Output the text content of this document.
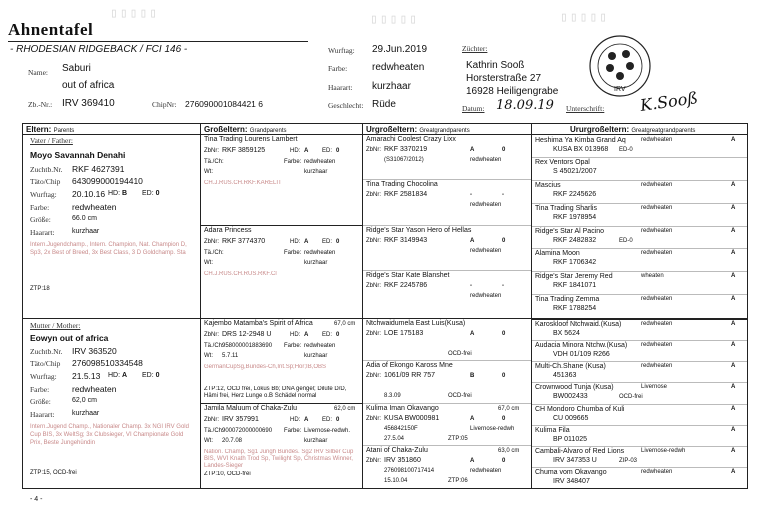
▯▯▯▯▯	▯▯▯▯▯	▯▯▯▯▯
Ahnentafel
- RHODESIAN RIDGEBACK / FCI 146 -
Name: Saburi
out of africa
Zb.-Nr.: IRV 369410	ChipNr: 276090001084421 6
Wurftag: 29.Jun.2019
Farbe: redwheaten
Haarart: kurzhaar
Geschlecht: Rüde
Züchter:
Kathrin Sooß
Horsterstraße 27
16928 Heiligengrabe
Datum: 18.09.19 Unterschrift: K.Sooß
IRV
Eltern: Parents	Großeltern: Grandparents	Urgroßeltern: Greatgrandparents	Ururgroßeltern: Greatgreatgrandparents
Vater / Father:
Moyo Savannah Denahi
Zuchtb.Nr. RKF 4627391
Täto/Chip 643099000194410
Wurftag: 20.10.16 HD: B ED: 0
Farbe:	redwheaten
Größe:	66.0 cm
Haarart: kurzhaar
Intern.Jugendchamp., Intern. Champion, Nat. Champion D, Sp3, 2x Best of Breed, 3x Best Class, 3 D Goldchamp. Sta
ZTP:18
Mutter / Mother:
Eowyn out of africa
Zuchtb.Nr. IRV 363520
Täto/Chip 276098510334548
Wurftag: 21.5.13 HD: A ED: 0
Farbe:	redwheaten
Größe:	62,0 cm
Haarart: kurzhaar
Intern.Jugend Champ., Nationaler Champ. 3x NGI IRV Gold Cup BIS, 3x WeltSg; 3x Clubsieger, VI Championate Gold Prix, Beste Jungehündin
ZTP:15, OCD-frei
Tina Trading Lourens Lambert
ZbNr: RKF 3859125	HD: A ED: 0
Tä./Ch:	Farbe: redwheaten
Wt:	kurzhaar
CH.J.RUS.CH.RKF.KARELIT
Adara Princess
ZbNr: RKF 3774370	HD: A ED: 0
Tä./Ch:	Farbe: redwheaten
Wt:	kurzhaar
CH.J.RUS.CH.RUS.RKF.Cl
Kajembo Matamba's Spirit of Africa	67,0 cm
ZbNr: DRS 12-2948 U	HD: A ED: 0
Tä./Ch:
958000001883690 Farbe: redwheaten
Wt: 5.7.11	kurzhaar
GermanCupSg,Bundes-Ch,Int.Sp;Hor;IB,OBS
ZTP:12, OCD frei, Lokus Bb; DNA gengel; Dilute D/D, Hämi frei, Herz Lunge o.B Schädel normal
Jamila Maluum of Chaka-Zulu	62,0 cm
ZbNr: IRV 357991	HD: A ED: 0
Tä./Ch:
900072000000690 Farbe: Livernose-redwh.
Wt: 20.7.08	kurzhaar
Nation. Champ, Sg1 Jungh Bundes. Sg2 IRV Silber Cup BIS, WVI Knath Trod Sp, Twilight Sp, Christmas Winner, Landes-Sieger
ZTP:10, OCD-frei
Amarachi Coolest Crazy Lixx
ZbNr: RKF 3370219	A	0
(S31067/2012)	redwheaten
Tina Trading Chocolina
ZbNr: RKF 2581834	-	-
redwheaten
Ridge's Star Yason Hero of Hellas
ZbNr: RKF 3149943	A	0
redwheaten
Ridge's Star Kate Blanshet
ZbNr: RKF 2245786	-	-
redwheaten
Ntchwaidumela East Luis(Kusa)
ZbNr: LOE 175183	A	0
OCD-frei
Adia of Ekongo Kaross Mne
ZbNr: 1061/09 RR 757	B	0
8.3.09	OCD-frei
Kulima Iman Okavango	67,0 cm
ZbNr: KUSA BW000981	A	0
456842150F	Livernose-redwh
27.5.04	ZTP:05
Atani of Chaka-Zulu	63,0 cm
ZbNr: IRV 351860	A	0
276098100717414	redwheaten
15.10.04	ZTP:06
Heshima Ya Kimba Grand Aq	redwheaten	A
KUSA BX 013968 ED-0
Rex Ventors Opal
S 45021/2007
Mascius	redwheaten	A
RKF 2245626
Tina Trading Sharlis	redwheaten	A
RKF 1978954
Ridge's Star Al Pacino	redwheaten	A
RKF 2482832	ED-0
Alamina Moon	redwheaten	A
RKF 1706342
Ridge's Star Jeremy Red	wheaten	A
RKF 1841071
Tina Trading Zemma	redwheaten	A
RKF 1788254
Karoskloof Ntchwaid.(Kusa)	redwheaten	A
BX 5624
Audacia Minora Ntchw.(Kusa) redwheaten	A
VDH 01/109 R266
Multi-Ch.Shane (Kusa)	redwheaten	A
451363
Crownwood Tunja (Kusa)	Livernose	A
BW002433	OCD-frei
CH Mondoro Chumba of Kuli	A
CU 009665
Kulima Fila	A
BP 011025
Cambali-Alvaro of Red Lions	Livernose-redwh	A
IRV 347353 U	ZIP-03
Chuma vom Okavango	redwheaten	A
IRV 348407
- 4 -
